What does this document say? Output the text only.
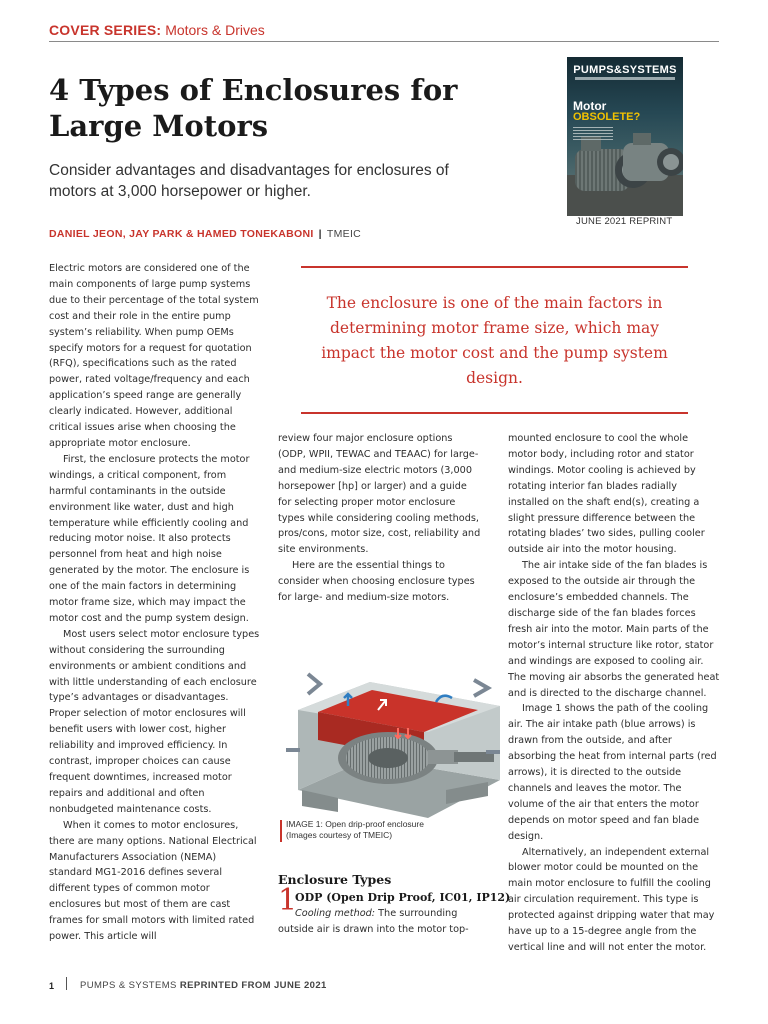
COVER SERIES: Motors & Drives
4 Types of Enclosures for Large Motors
Consider advantages and disadvantages for enclosures of motors at 3,000 horsepower or higher.
DANIEL JEON, JAY PARK & HAMED TONEKABONI | TMEIC
PUMPS&SYSTEMS
Motor
OBSOLETE?
JUNE 2021 REPRINT

Electric motors are considered one of the main components of large pump systems due to their percentage of the total system cost and their role in the entire pump system’s reliability. When pump OEMs specify motors for a request for quotation (RFQ), specifications such as the rated power, rated voltage/frequency and each application’s speed range are generally clearly indicated. However, additional critical issues arise when choosing the appropriate motor enclosure.

First, the enclosure protects the motor windings, a critical component, from harmful contaminants in the outside environment like water, dust and high temperature while efficiently cooling and reducing motor noise. It also protects personnel from heat and high noise generated by the motor. The enclosure is one of the main factors in determining motor frame size, which may impact the motor cost and the pump system design.

Most users select motor enclosure types without considering the surrounding environments or ambient conditions and with little understanding of each enclosure type’s advantages or disadvantages. Proper selection of motor enclosures will benefit users with lower cost, higher reliability and improved efficiency. In contrast, improper choices can cause frequent downtimes, increased motor repairs and additional and often nonbudgeted maintenance costs.

When it comes to motor enclosures, there are many options. National Electrical Manufacturers Association (NEMA) standard MG1-2016 defines several different types of common motor enclosures but most of them are cast frames for small motors with limited rated power. This article will

The enclosure is one of the main factors in determining motor frame size, which may impact the motor cost and the pump system design.

review four major enclosure options (ODP, WPII, TEWAC and TEAAC) for large- and medium-size electric motors (3,000 horsepower [hp] or larger) and a guide for selecting proper motor enclosure types while considering cooling methods, pros/cons, motor size, cost, reliability and site environments.

Here are the essential things to consider when choosing enclosure types for large- and medium-size motors.

IMAGE 1: Open drip-proof enclosure
(Images courtesy of TMEIC)
Enclosure Types
1
ODP (Open Drip Proof, IC01, IP12)
Cooling method: The surrounding
outside air is drawn into the motor top-

mounted enclosure to cool the whole motor body, including rotor and stator windings. Motor cooling is achieved by rotating interior fan blades radially installed on the shaft end(s), creating a slight pressure difference between the rotating blades’ two sides, pulling cooler outside air into the motor housing.

The air intake side of the fan blades is exposed to the outside air through the enclosure’s embedded channels. The discharge side of the fan blades forces fresh air into the motor. Main parts of the motor’s internal structure like rotor, stator and windings are exposed to cooling air. The moving air absorbs the generated heat and is directed to the discharge channel.

Image 1 shows the path of the cooling air. The air intake path (blue arrows) is drawn from the outside, and after absorbing the heat from internal parts (red arrows), it is directed to the outside channels and leaves the motor. The volume of the air that enters the motor depends on motor speed and fan blade design.

Alternatively, an independent external blower motor could be mounted on the main motor enclosure to fulfill the cooling air circulation requirement. This type is protected against dripping water that may have up to a 15-degree angle from the vertical line and will not enter the motor.

1	PUMPS & SYSTEMS REPRINTED FROM JUNE 2021
